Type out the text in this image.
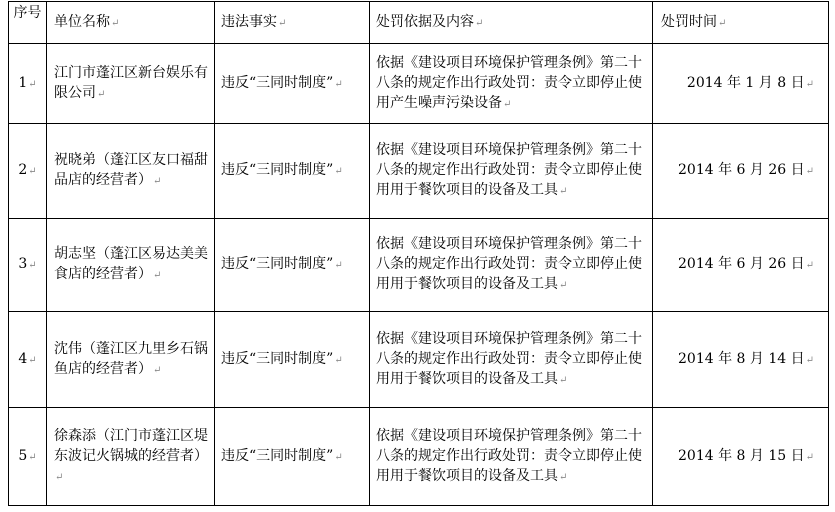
序号	单位名称↵	违法事实↵	处罚依据及内容↵	处罚时间↵
1↵	江门市蓬江区新台娱乐有限公司↵	违反“三同时制度”↵	依据《建设项目环境保护管理条例》第二十八条的规定作出行政处罚：责令立即停止使用产生噪声污染设备↵	2014 年 1 月 8 日↵
2↵	祝晓弟（蓬江区友口福甜品店的经营者）↵	违反“三同时制度”↵	依据《建设项目环境保护管理条例》第二十八条的规定作出行政处罚：责令立即停止使用用于餐饮项目的设备及工具↵	2014 年 6 月 26 日↵
3↵	胡志坚（蓬江区易达美美食店的经营者）↵	违反“三同时制度”↵	依据《建设项目环境保护管理条例》第二十八条的规定作出行政处罚：责令立即停止使用用于餐饮项目的设备及工具↵	2014 年 6 月 26 日↵
4↵	沈伟（蓬江区九里乡石锅鱼店的经营者）↵	违反“三同时制度”↵	依据《建设项目环境保护管理条例》第二十八条的规定作出行政处罚：责令立即停止使用用于餐饮项目的设备及工具↵	2014 年 8 月 14 日↵
5↵	徐森添（江门市蓬江区堤东波记火锅城的经营者）↵	违反“三同时制度”↵	依据《建设项目环境保护管理条例》第二十八条的规定作出行政处罚：责令立即停止使用用于餐饮项目的设备及工具↵	2014 年 8 月 15 日↵
